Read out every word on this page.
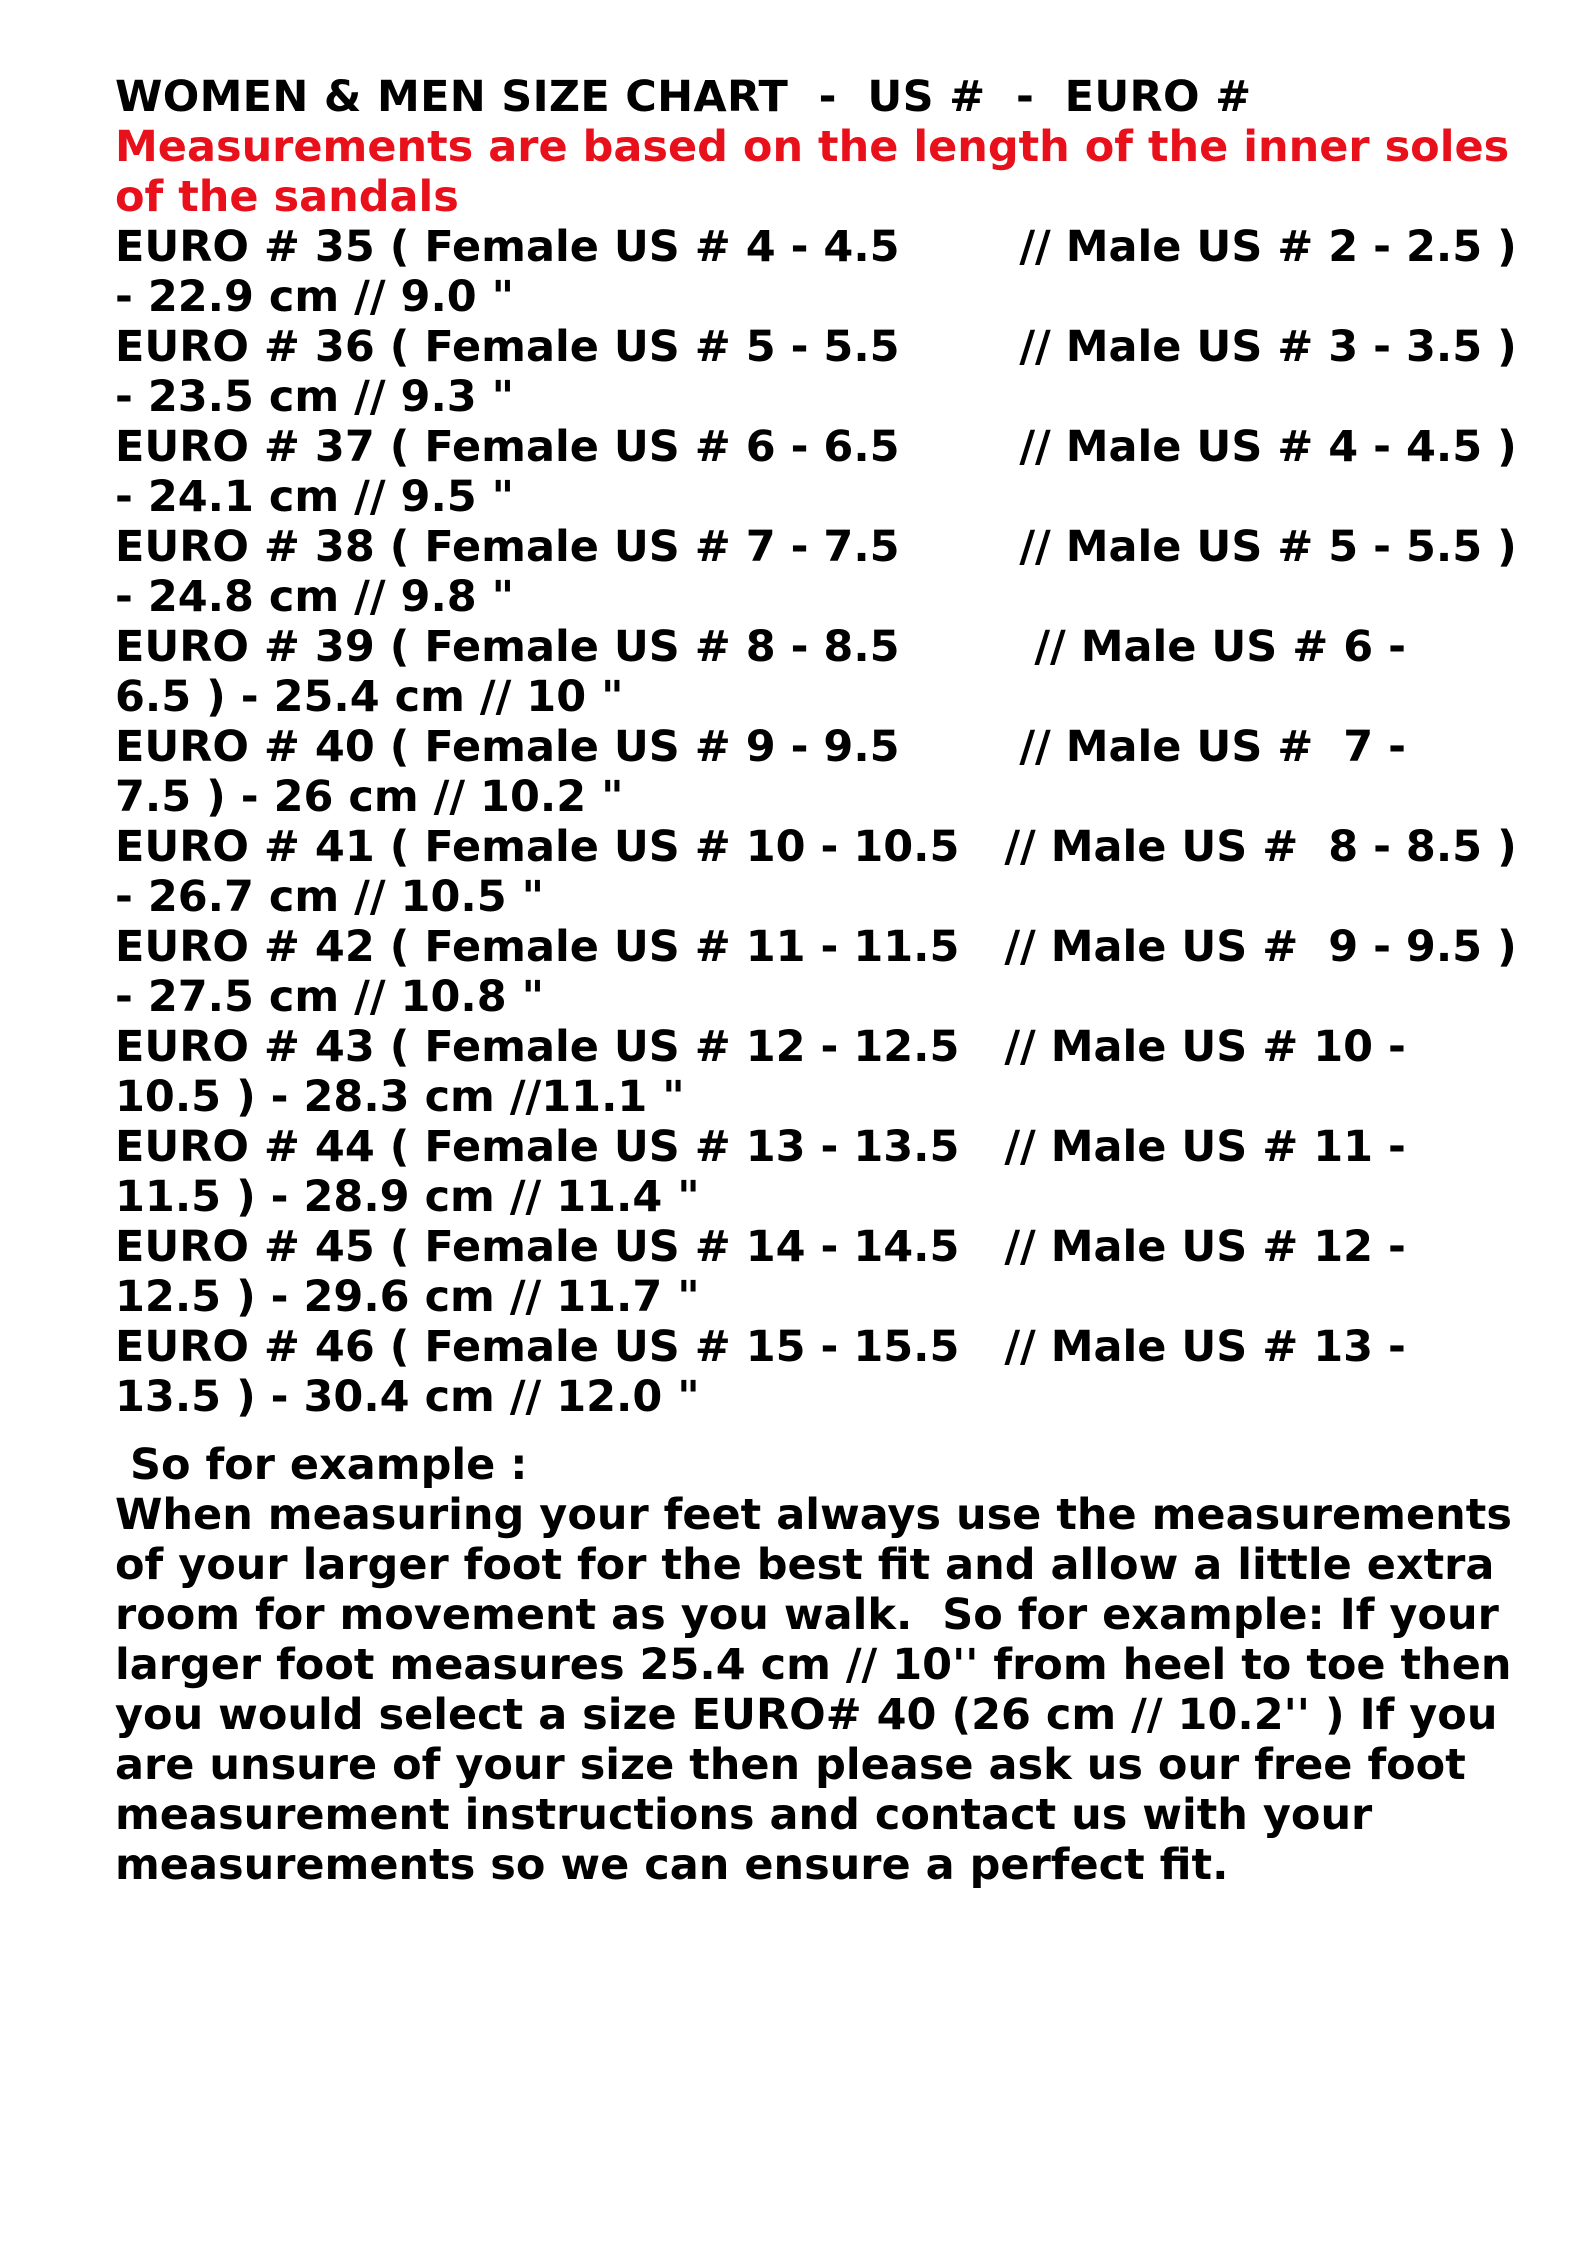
WOMEN & MEN SIZE CHART  -  US #  -  EURO #

Measurements are based on the length of the inner soles

of the sandals

EURO # 35 ( Female US # 4 - 4.5        // Male US # 2 - 2.5 )

- 22.9 cm // 9.0 "

EURO # 36 ( Female US # 5 - 5.5        // Male US # 3 - 3.5 )

- 23.5 cm // 9.3 "

EURO # 37 ( Female US # 6 - 6.5        // Male US # 4 - 4.5 )

- 24.1 cm // 9.5 "

EURO # 38 ( Female US # 7 - 7.5        // Male US # 5 - 5.5 )

- 24.8 cm // 9.8 "

EURO # 39 ( Female US # 8 - 8.5         // Male US # 6 -

6.5 ) - 25.4 cm // 10 "

EURO # 40 ( Female US # 9 - 9.5        // Male US #  7 -

7.5 ) - 26 cm // 10.2 "

EURO # 41 ( Female US # 10 - 10.5   // Male US #  8 - 8.5 )

- 26.7 cm // 10.5 "

EURO # 42 ( Female US # 11 - 11.5   // Male US #  9 - 9.5 )

- 27.5 cm // 10.8 "

EURO # 43 ( Female US # 12 - 12.5   // Male US # 10 -

10.5 ) - 28.3 cm //11.1 "

EURO # 44 ( Female US # 13 - 13.5   // Male US # 11 -

11.5 ) - 28.9 cm // 11.4 "

EURO # 45 ( Female US # 14 - 14.5   // Male US # 12 -

12.5 ) - 29.6 cm // 11.7 "

EURO # 46 ( Female US # 15 - 15.5   // Male US # 13 -

13.5 ) - 30.4 cm // 12.0 "

So for example :

When measuring your feet always use the measurements

of your larger foot for the best fit and allow a little extra

room for movement as you walk.  So for example: If your

larger foot measures 25.4 cm // 10'' from heel to toe then

you would select a size EURO# 40 (26 cm // 10.2'' ) If you

are unsure of your size then please ask us our free foot

measurement instructions and contact us with your

measurements so we can ensure a perfect fit.
